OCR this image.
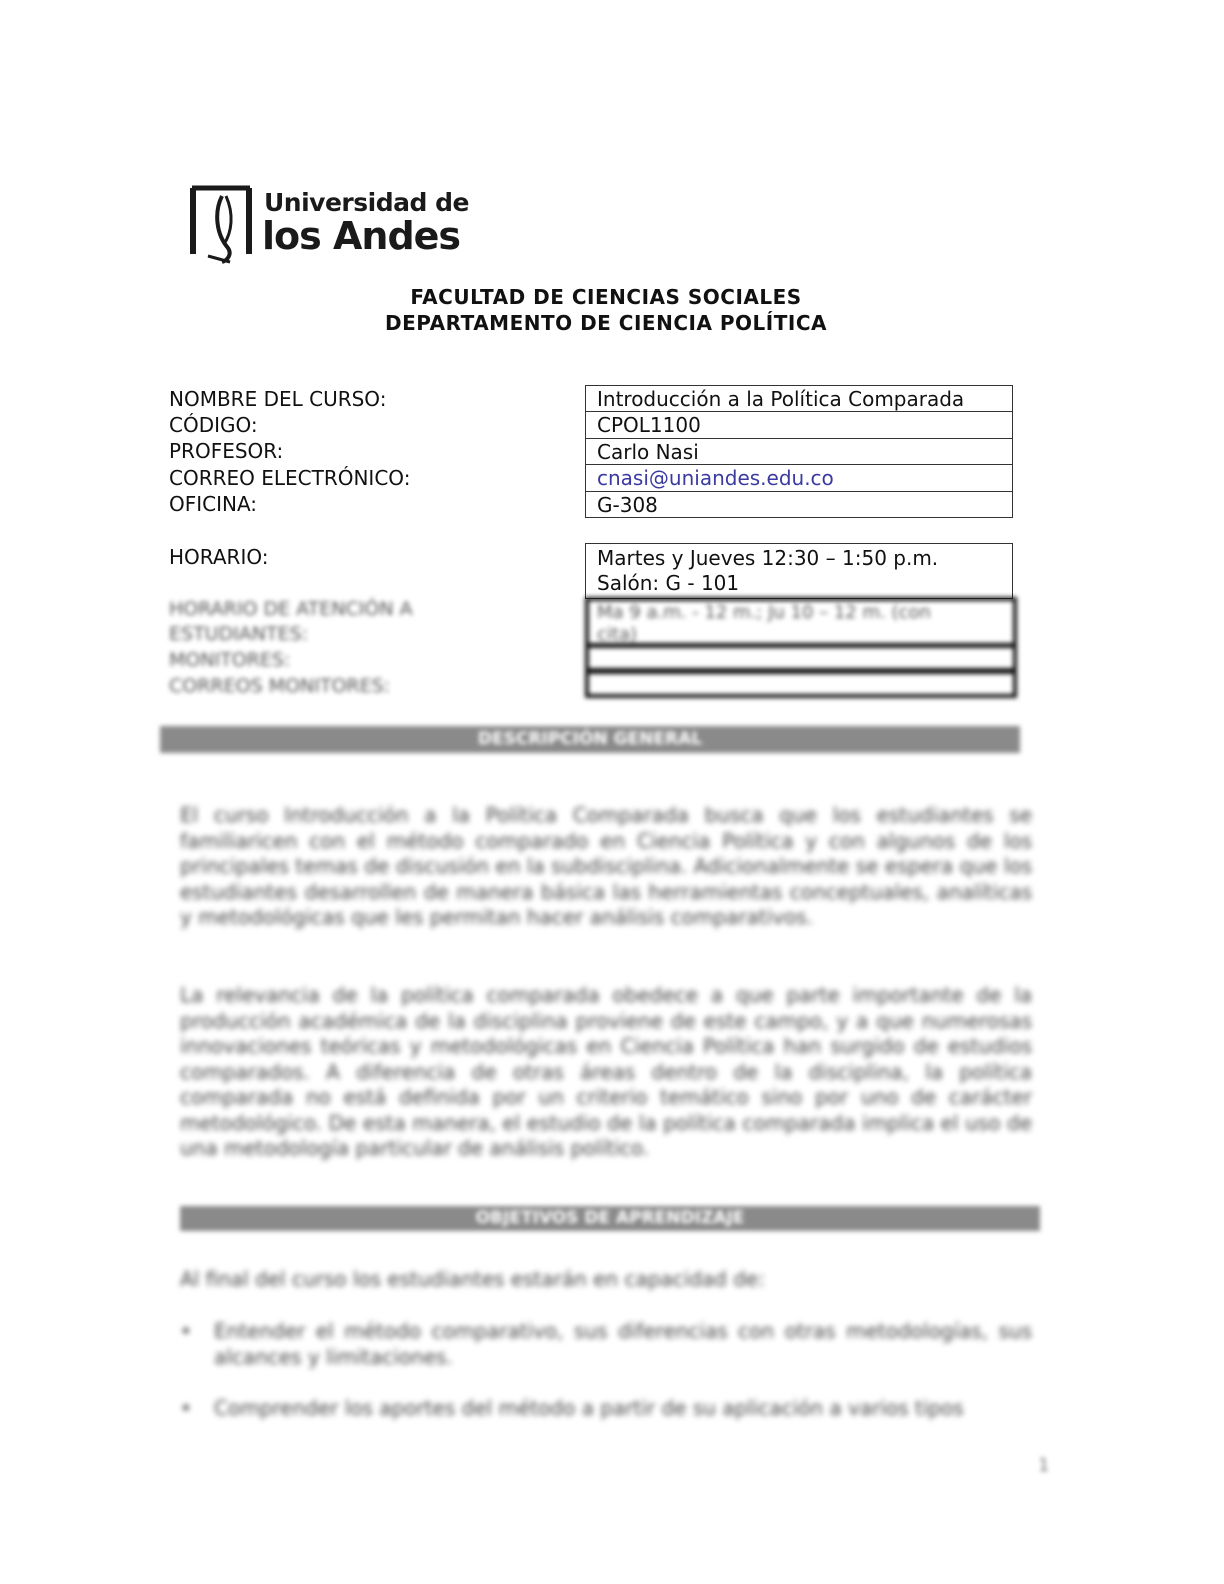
Universidad de
los Andes
FACULTAD DE CIENCIAS SOCIALES
DEPARTAMENTO DE CIENCIA POLÍTICA
NOMBRE DEL CURSO:
CÓDIGO:
PROFESOR:
CORREO ELECTRÓNICO:
OFICINA:
HORARIO:
Introducción a la Política Comparada
CPOL1100
Carlo Nasi
cnasi@uniandes.edu.co
G-308
Martes y Jueves 12:30 – 1:50 p.m.
Salón: G - 101
HORARIO DE ATENCIÓN A
ESTUDIANTES:
MONITORES:
CORREOS MONITORES:
Ma 9 a.m. - 12 m.; Ju 10 – 12 m. (con
cita)
DESCRIPCIÓN GENERAL
El curso Introducción a la Política Comparada busca que los estudiantes se familiaricen con el método comparado en Ciencia Política y con algunos de los principales temas de discusión en la subdisciplina. Adicionalmente se espera que los estudiantes desarrollen de manera básica las herramientas conceptuales, analíticas y metodológicas que les permitan hacer análisis comparativos.
La relevancia de la política comparada obedece a que parte importante de la producción académica de la disciplina proviene de este campo, y a que numerosas innovaciones teóricas y metodológicas en Ciencia Política han surgido de estudios comparados. A diferencia de otras áreas dentro de la disciplina, la política comparada no está definida por un criterio temático sino por uno de carácter metodológico. De esta manera, el estudio de la política comparada implica el uso de una metodología particular de análisis político.
OBJETIVOS DE APRENDIZAJE
Al final del curso los estudiantes estarán en capacidad de:
• Entender el método comparativo, sus diferencias con otras metodologías, sus alcances y limitaciones.
• Comprender los aportes del método a partir de su aplicación a varios tipos
1
